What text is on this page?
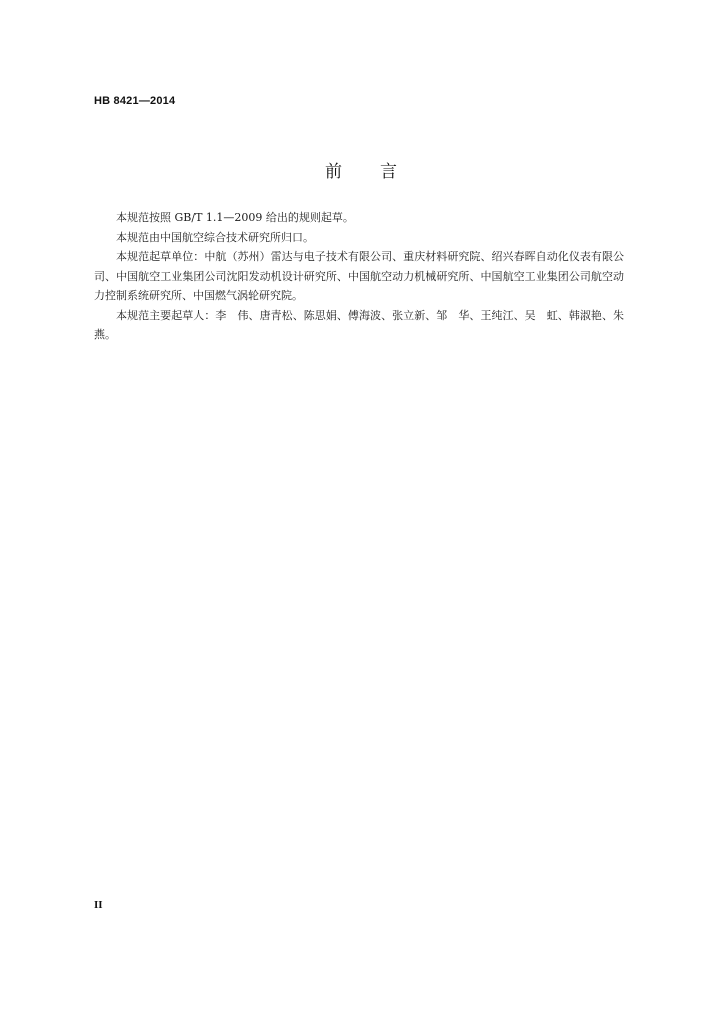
HB 8421—2014
前言

本规范按照 GB/T 1.1—2009 给出的规则起草。

本规范由中国航空综合技术研究所归口。

本规范起草单位：中航（苏州）雷达与电子技术有限公司、重庆材料研究院、绍兴春晖自动化仪表有限公司、中国航空工业集团公司沈阳发动机设计研究所、中国航空动力机械研究所、中国航空工业集团公司航空动力控制系统研究所、中国燃气涡轮研究院。

本规范主要起草人：李　伟、唐青松、陈思娟、傅海波、张立新、邹　华、王纯江、吴　虹、韩淑艳、朱　燕。

II
